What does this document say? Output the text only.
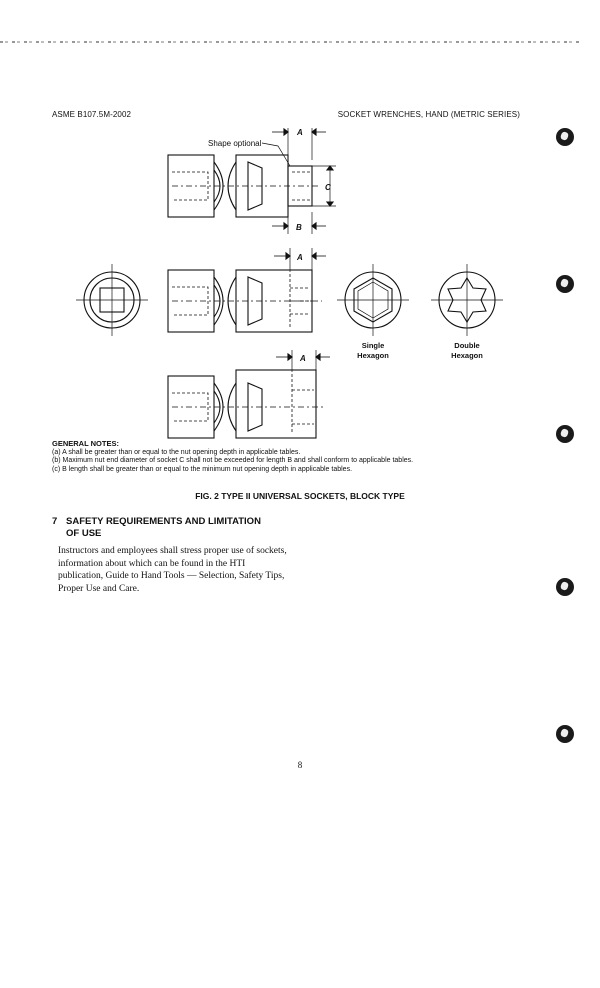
ASME B107.5M-2002	SOCKET WRENCHES, HAND (METRIC SERIES)
Shape optional
A
B
C
A
Single
Hexagon
Double
Hexagon
A
GENERAL NOTES:
(a) A shall be greater than or equal to the nut opening depth in applicable tables.
(b) Maximum nut end diameter of socket C shall not be exceeded for length B and shall conform to applicable tables.
(c) B length shall be greater than or equal to the minimum nut opening depth in applicable tables.
FIG. 2 TYPE II UNIVERSAL SOCKETS, BLOCK TYPE
7 SAFETY REQUIREMENTS AND LIMITATION
OF USE
Instructors and employees shall stress proper use of sockets, information about which can be found in the HTI publication, Guide to Hand Tools — Selection, Safety Tips, Proper Use and Care.
8
